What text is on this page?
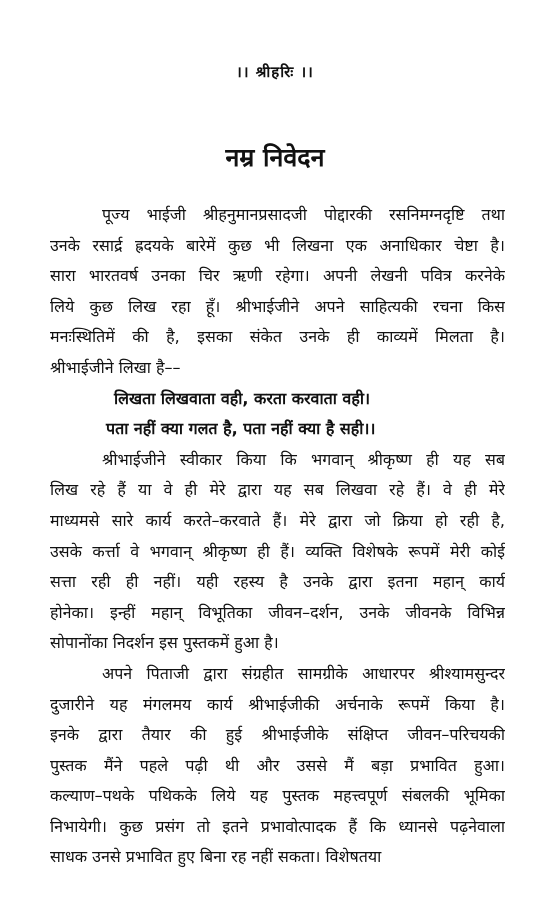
।। श्रीहरिः ।।
नम्र निवेदन
पूज्य भाईजी श्रीहनुमानप्रसादजी पोद्दारकी रसनिमग्नदृष्टि तथा
उनके रसार्द्र ह्रदयके बारेमें कुछ भी लिखना एक अनाधिकार चेष्टा है।
सारा भारतवर्ष उनका चिर ऋणी रहेगा। अपनी लेखनी पवित्र करनेके
लिये कुछ लिख रहा हूँ। श्रीभाईजीने अपने साहित्यकी रचना किस
मनःस्थितिमें की है, इसका संकेत उनके ही काव्यमें मिलता है।
श्रीभाईजीने लिखा है––
लिखता लिखवाता वही, करता करवाता वही।
पता नहीं क्या गलत है, पता नहीं क्या है सही।।
श्रीभाईजीने स्वीकार किया कि भगवान् श्रीकृष्ण ही यह सब
लिख रहे हैं या वे ही मेरे द्वारा यह सब लिखवा रहे हैं। वे ही मेरे
माध्यमसे सारे कार्य करते–करवाते हैं। मेरे द्वारा जो क्रिया हो रही है,
उसके कर्त्ता वे भगवान् श्रीकृष्ण ही हैं। व्यक्ति विशेषके रूपमें मेरी कोई
सत्ता रही ही नहीं। यही रहस्य है उनके द्वारा इतना महान् कार्य
होनेका। इन्हीं महान् विभूतिका जीवन–दर्शन, उनके जीवनके विभिन्न
सोपानोंका निदर्शन इस पुस्तकमें हुआ है।
अपने पिताजी द्वारा संग्रहीत सामग्रीके आधारपर श्रीश्यामसुन्दर
दुजारीने यह मंगलमय कार्य श्रीभाईजीकी अर्चनाके रूपमें किया है।
इनके द्वारा तैयार की हुई श्रीभाईजीके संक्षिप्त जीवन–परिचयकी
पुस्तक मैंने पहले पढ़ी थी और उससे मैं बड़ा प्रभावित हुआ।
कल्याण–पथके पथिकके लिये यह पुस्तक महत्त्वपूर्ण संबलकी भूमिका
निभायेगी। कुछ प्रसंग तो इतने प्रभावोत्पादक हैं कि ध्यानसे पढ़नेवाला
साधक उनसे प्रभावित हुए बिना रह नहीं सकता। विशेषतया
